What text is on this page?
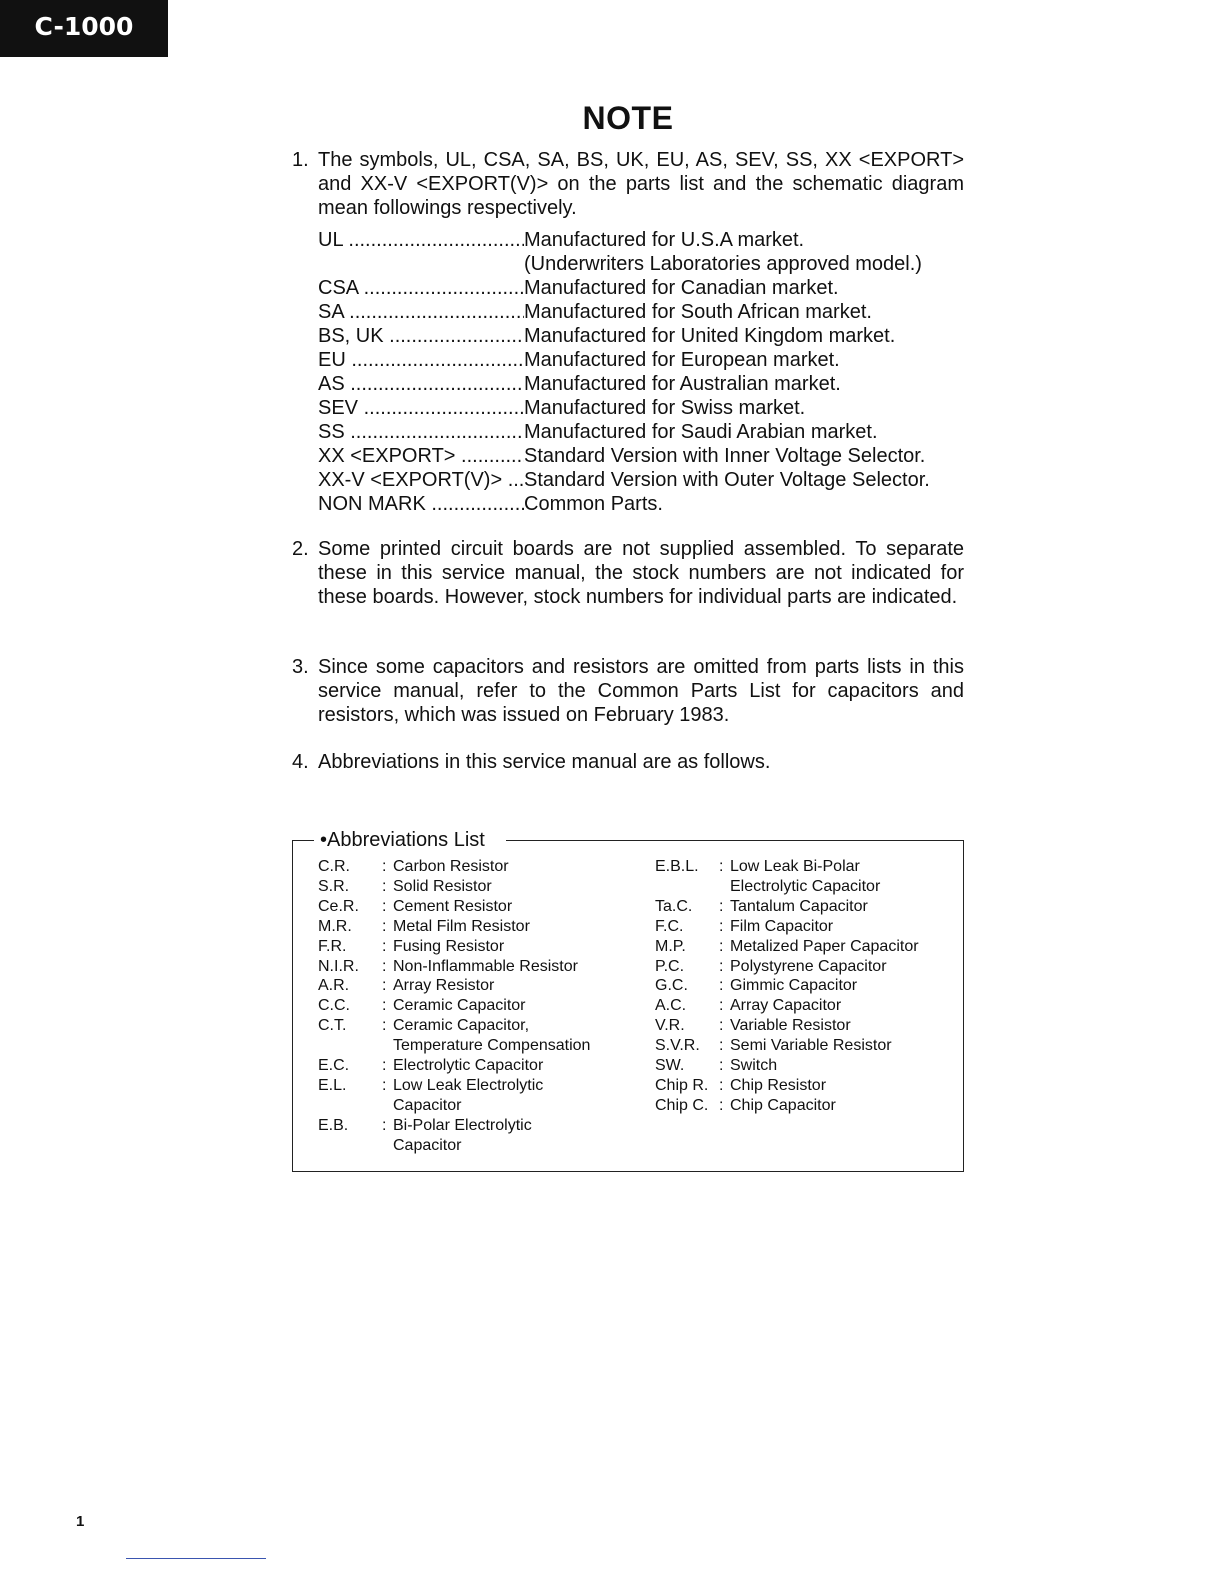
C-1000
NOTE
1. The symbols, UL, CSA, SA, BS, UK, EU, AS, SEV, SS, XX <EXPORT> and XX-V <EXPORT(V)> on the parts list and the schematic diagram mean followings respectively.
UL .....	Manufactured for U.S.A market.
(Underwriters Laboratories approved model.)
CSA .....	Manufactured for Canadian market.
SA .....	Manufactured for South African market.
BS, UK .....	Manufactured for United Kingdom market.
EU .....	Manufactured for European market.
AS .....	Manufactured for Australian market.
SEV .....	Manufactured for Swiss market.
SS .....	Manufactured for Saudi Arabian market.
XX <EXPORT> .....	Standard Version with Inner Voltage Selector.
XX-V <EXPORT(V)> .....	Standard Version with Outer Voltage Selector.
NON MARK .....	Common Parts.
2. Some printed circuit boards are not supplied assembled. To separate these in this service manual, the stock numbers are not indicated for these boards. However, stock numbers for individual parts are indicated.
3. Since some capacitors and resistors are omitted from parts lists in this service manual, refer to the Common Parts List for capacitors and resistors, which was issued on February 1983.
4. Abbreviations in this service manual are as follows.
•Abbreviations List
C.R.	: Carbon Resistor
S.R.	: Solid Resistor
Ce.R.	: Cement Resistor
M.R.	: Metal Film Resistor
F.R.	: Fusing Resistor
N.I.R.	: Non-Inflammable Resistor
A.R.	: Array Resistor
C.C.	: Ceramic Capacitor
C.T.	: Ceramic Capacitor,
Temperature Compensation
E.C.	: Electrolytic Capacitor
E.L.	: Low Leak Electrolytic
Capacitor
E.B.	: Bi-Polar Electrolytic
Capacitor
E.B.L.	: Low Leak Bi-Polar
Electrolytic Capacitor
Ta.C.	: Tantalum Capacitor
F.C.	: Film Capacitor
M.P.	: Metalized Paper Capacitor
P.C.	: Polystyrene Capacitor
G.C.	: Gimmic Capacitor
A.C.	: Array Capacitor
V.R.	: Variable Resistor
S.V.R.	: Semi Variable Resistor
SW.	: Switch
Chip R. : Chip Resistor
Chip C. : Chip Capacitor
1
